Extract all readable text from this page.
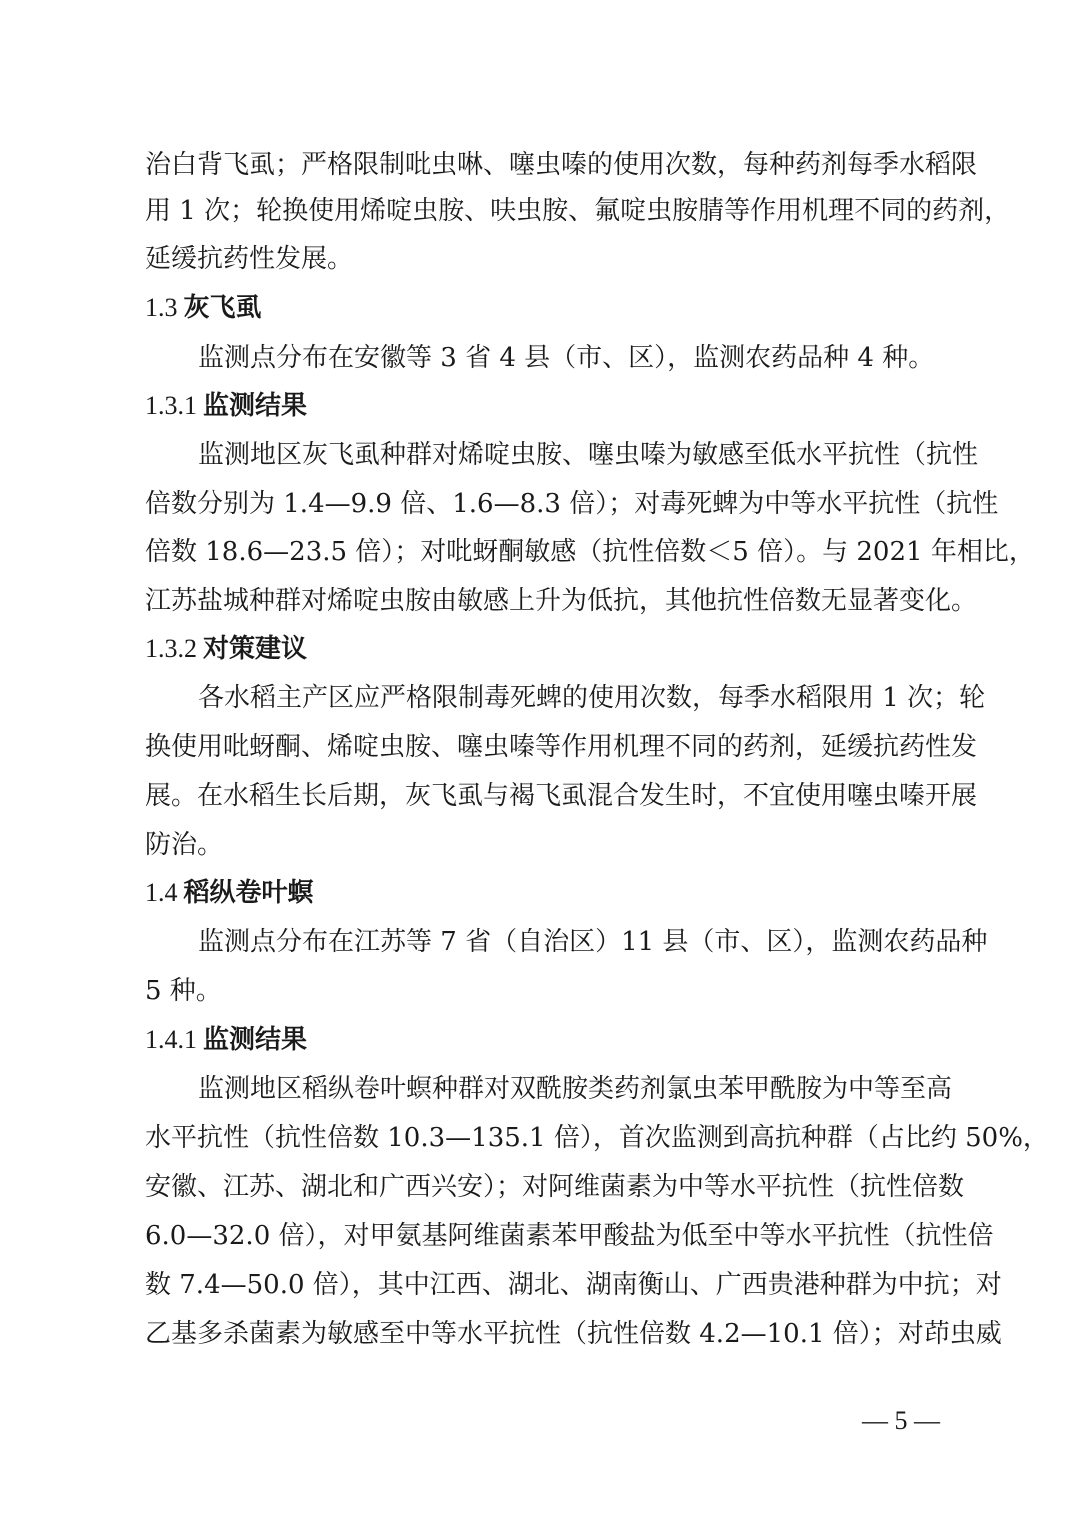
治白背飞虱；严格限制吡虫啉、噻虫嗪的使用次数，每种药剂每季水稻限
用 1 次；轮换使用烯啶虫胺、呋虫胺、氟啶虫胺腈等作用机理不同的药剂，
延缓抗药性发展。
1.3 灰飞虱
监测点分布在安徽等 3 省 4 县（市、区），监测农药品种 4 种。
1.3.1 监测结果
监测地区灰飞虱种群对烯啶虫胺、噻虫嗪为敏感至低水平抗性（抗性
倍数分别为 1.4—9.9 倍、1.6—8.3 倍）；对毒死蜱为中等水平抗性（抗性
倍数 18.6—23.5 倍）；对吡蚜酮敏感（抗性倍数＜5 倍）。与 2021 年相比，
江苏盐城种群对烯啶虫胺由敏感上升为低抗，其他抗性倍数无显著变化。
1.3.2 对策建议
各水稻主产区应严格限制毒死蜱的使用次数，每季水稻限用 1 次；轮
换使用吡蚜酮、烯啶虫胺、噻虫嗪等作用机理不同的药剂，延缓抗药性发
展。在水稻生长后期，灰飞虱与褐飞虱混合发生时，不宜使用噻虫嗪开展
防治。
1.4 稻纵卷叶螟
监测点分布在江苏等 7 省（自治区）11 县（市、区），监测农药品种
5 种。
1.4.1 监测结果
监测地区稻纵卷叶螟种群对双酰胺类药剂氯虫苯甲酰胺为中等至高
水平抗性（抗性倍数 10.3—135.1 倍），首次监测到高抗种群（占比约 50%，
安徽、江苏、湖北和广西兴安）；对阿维菌素为中等水平抗性（抗性倍数
6.0—32.0 倍），对甲氨基阿维菌素苯甲酸盐为低至中等水平抗性（抗性倍
数 7.4—50.0 倍），其中江西、湖北、湖南衡山、广西贵港种群为中抗；对
乙基多杀菌素为敏感至中等水平抗性（抗性倍数 4.2—10.1 倍）；对茚虫威
— 5 —
